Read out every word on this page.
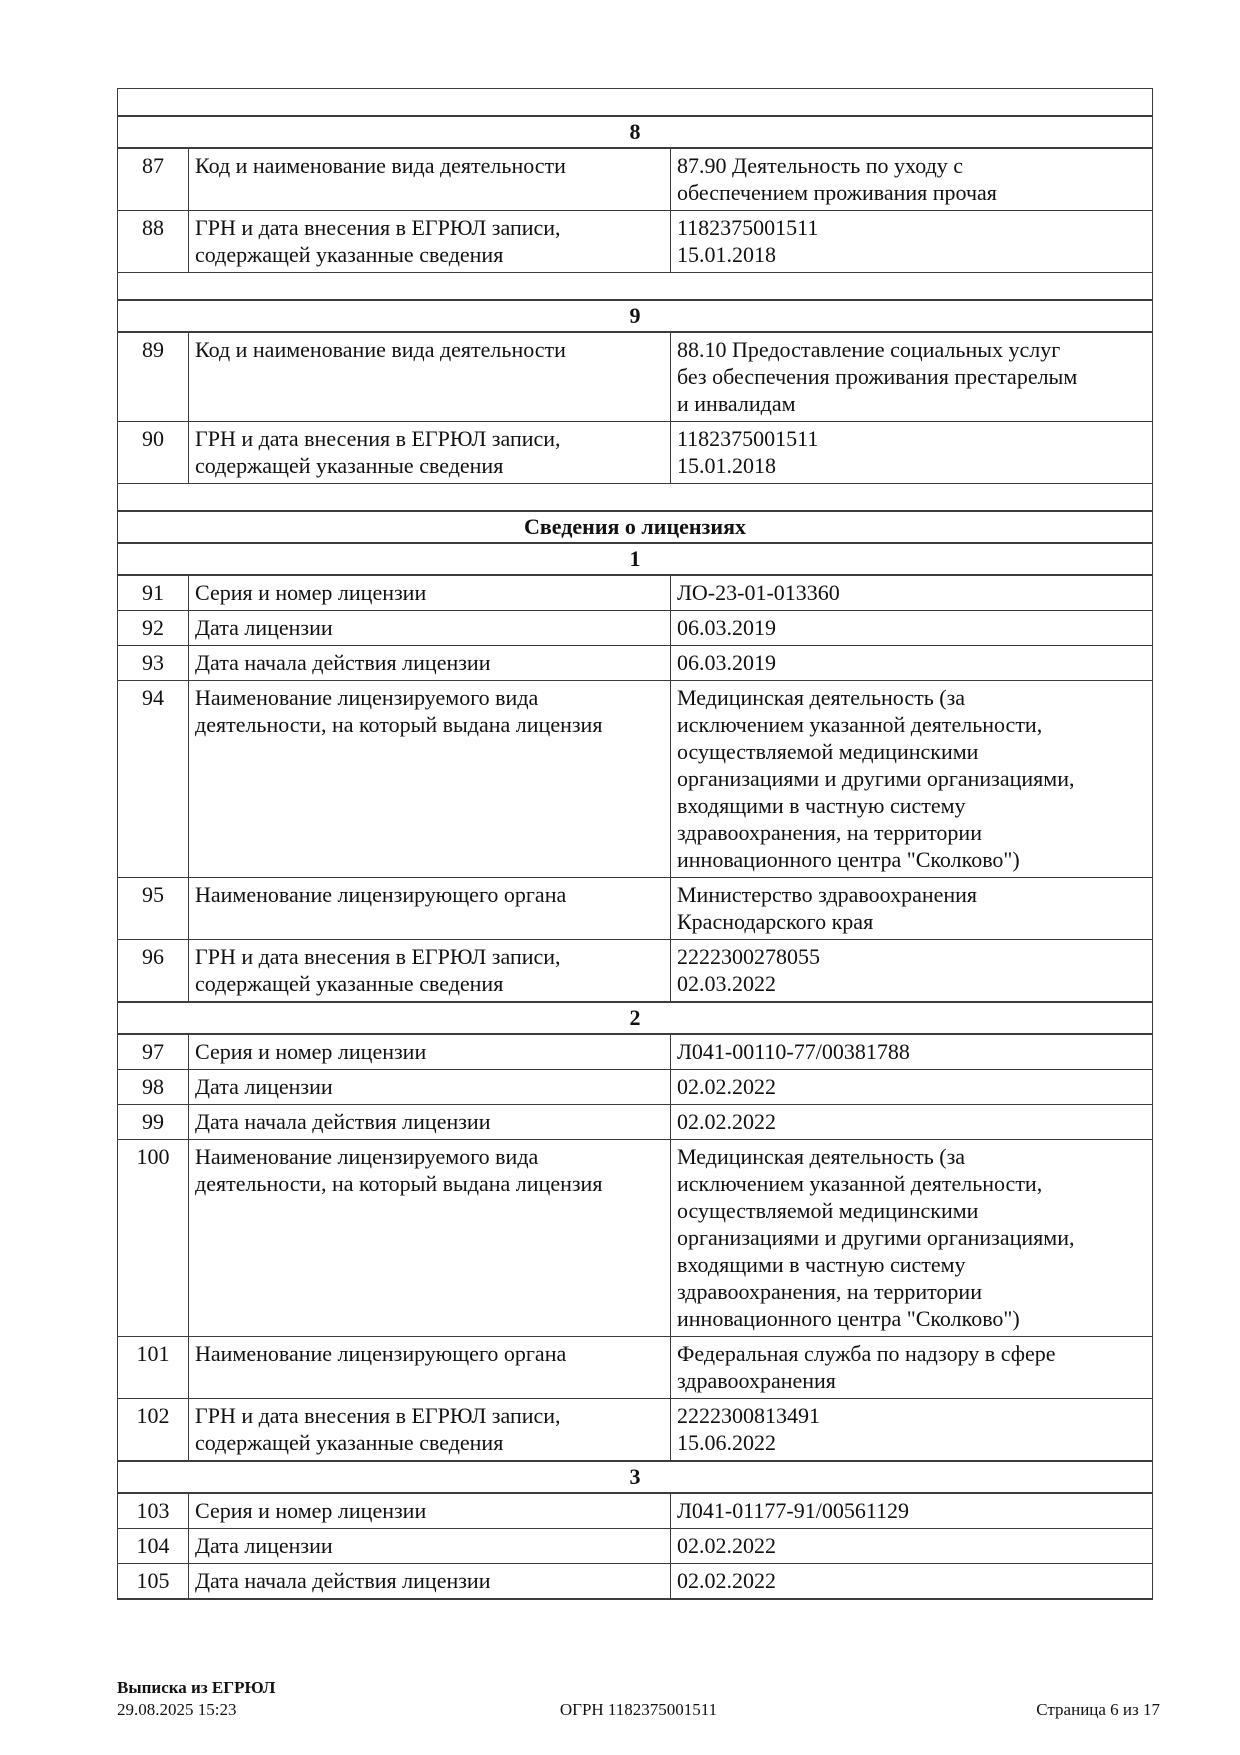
8		
87	Код и наименование вида деятельности	87.90 Деятельность по уходу с
обеспечением проживания прочая
88	ГРН и дата внесения в ЕГРЮЛ записи,
содержащей указанные сведения	1182375001511
15.01.2018

9		
89	Код и наименование вида деятельности	88.10 Предоставление социальных услуг
без обеспечения проживания престарелым
и инвалидам
90	ГРН и дата внесения в ЕГРЮЛ записи,
содержащей указанные сведения	1182375001511
15.01.2018

Сведения о лицензиях		
1		
91	Серия и номер лицензии	ЛО-23-01-013360
92	Дата лицензии	06.03.2019
93	Дата начала действия лицензии	06.03.2019
94	Наименование лицензируемого вида
деятельности, на который выдана лицензия	Медицинская деятельность (за
исключением указанной деятельности,
осуществляемой медицинскими
организациями и другими организациями,
входящими в частную систему
здравоохранения, на территории
инновационного центра "Сколково")
95	Наименование лицензирующего органа	Министерство здравоохранения
Краснодарского края
96	ГРН и дата внесения в ЕГРЮЛ записи,
содержащей указанные сведения	2222300278055
02.03.2022
2		
97	Серия и номер лицензии	Л041-00110-77/00381788
98	Дата лицензии	02.02.2022
99	Дата начала действия лицензии	02.02.2022
100	Наименование лицензируемого вида
деятельности, на который выдана лицензия	Медицинская деятельность (за
исключением указанной деятельности,
осуществляемой медицинскими
организациями и другими организациями,
входящими в частную систему
здравоохранения, на территории
инновационного центра "Сколково")
101	Наименование лицензирующего органа	Федеральная служба по надзору в сфере
здравоохранения
102	ГРН и дата внесения в ЕГРЮЛ записи,
содержащей указанные сведения	2222300813491
15.06.2022
3		
103	Серия и номер лицензии	Л041-01177-91/00561129
104	Дата лицензии	02.02.2022
105	Дата начала действия лицензии	02.02.2022
Выписка из ЕГРЮЛ
29.08.2025 15:23	ОГРН 1182375001511	Страница 6 из 17
